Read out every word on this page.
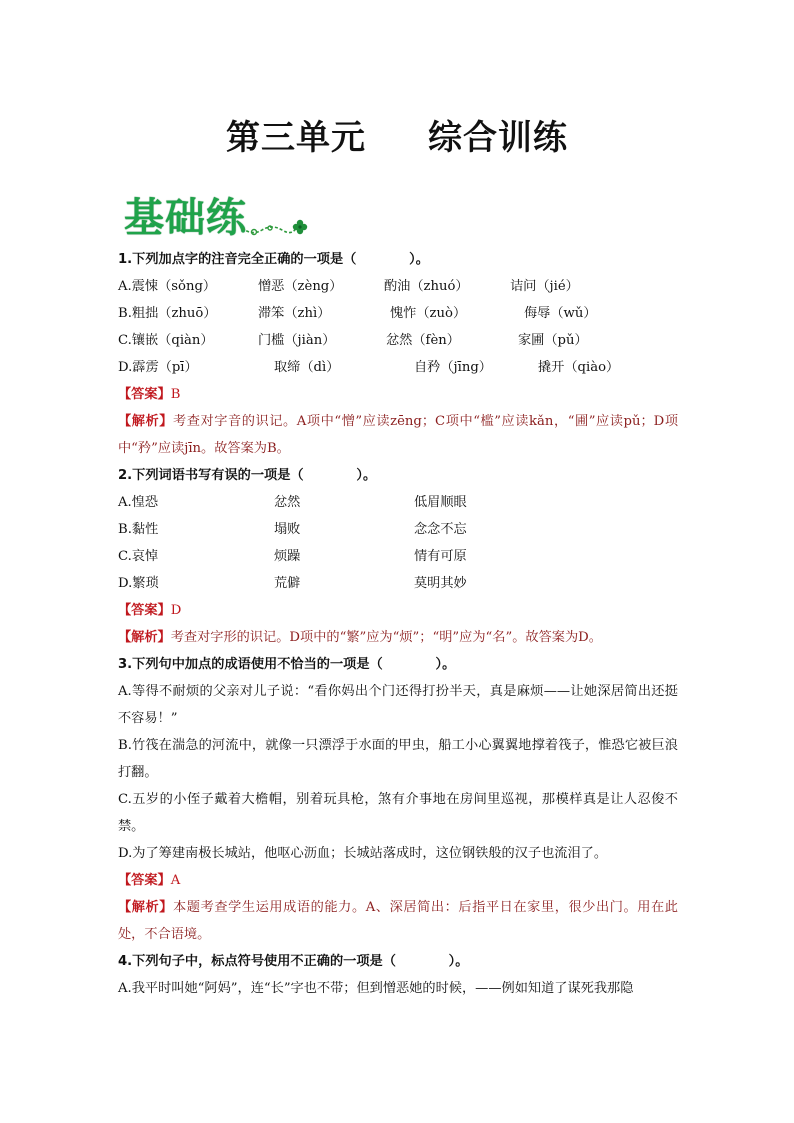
第三单元 综合训练
基础练
1.下列加点字的注音完全正确的一项是（　　　　）。
A.震悚（sǒng）	憎恶（zèng）	酌油（zhuó）	诘问（jié）
B.粗拙（zhuō）	滞笨（zhì）	愧怍（zuò）	侮辱（wǔ）
C.镶嵌（qiàn）	门槛（jiàn）	忿然（fèn）	家圃（pǔ）
D.霹雳（pī）	取缔（dì）	自矜（jīng）	撬开（qiào）
【答案】B
【解析】考查对字音的识记。A项中“憎”应读zēng；C项中“槛”应读kǎn，“圃”应读pǔ；D项中“矜”应读jīn。故答案为B。
2.下列词语书写有误的一项是（　　　　）。
A.惶恐	忿然	低眉顺眼
B.黏性	塌败	念念不忘
C.哀悼	烦躁	情有可原
D.繁琐	荒僻	莫明其妙
【答案】D
【解析】考查对字形的识记。D项中的“繁”应为“烦”；“明”应为“名”。故答案为D。
3.下列句中加点的成语使用不恰当的一项是（　　　　）。
A.等得不耐烦的父亲对儿子说：“看你妈出个门还得打扮半天，真是麻烦——让她深居简出还挺不容易！”
B.竹筏在湍急的河流中，就像一只漂浮于水面的甲虫，船工小心翼翼地撑着筏子，惟恐它被巨浪打翻。
C.五岁的小侄子戴着大檐帽，别着玩具枪，煞有介事地在房间里巡视，那模样真是让人忍俊不禁。
D.为了筹建南极长城站，他呕心沥血；长城站落成时，这位钢铁般的汉子也流泪了。
【答案】A
【解析】本题考查学生运用成语的能力。A、深居简出：后指平日在家里，很少出门。用在此处，不合语境。
4.下列句子中，标点符号使用不正确的一项是（　　　　）。
A.我平时叫她“阿妈”，连“长”字也不带；但到憎恶她的时候，——例如知道了谋死我那隐
